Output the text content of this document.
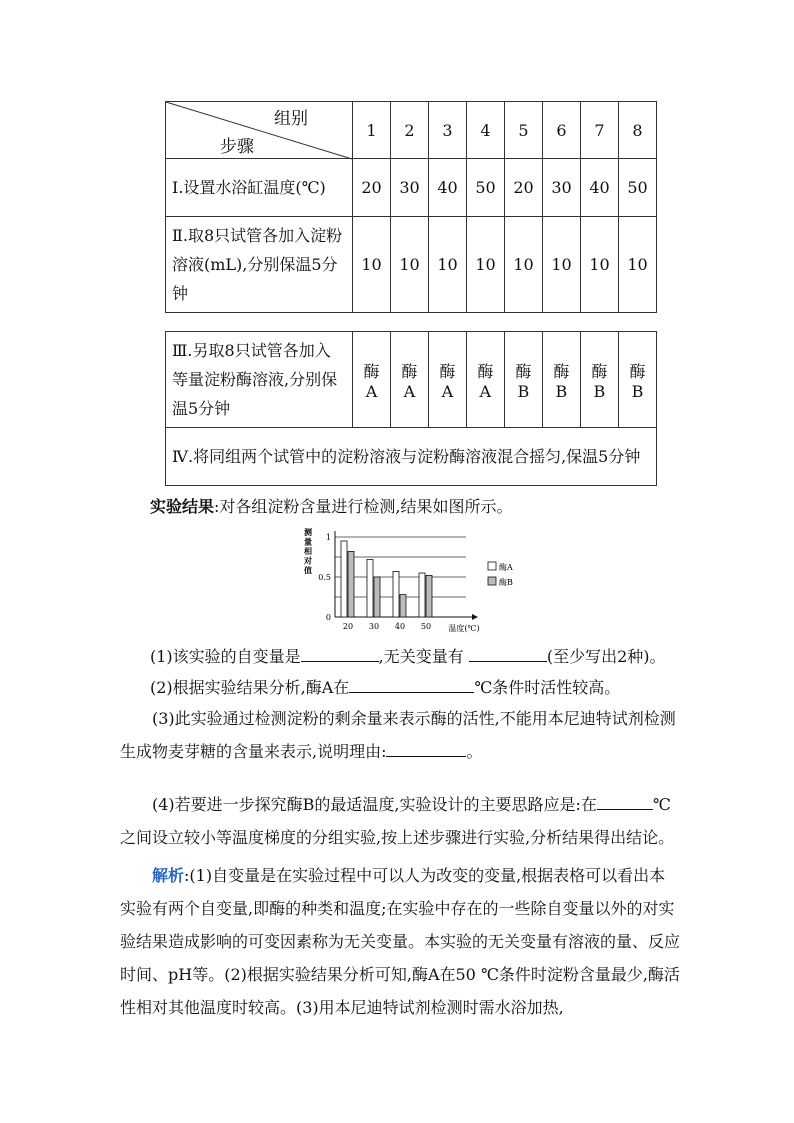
组别
步骤	1	2	3	4	5	6	7	8
Ⅰ.设置水浴缸温度(℃)	20	30	40	50	20	30	40	50
Ⅱ.取8只试管各加入淀粉溶液(mL),分别保温5分钟	10	10	10	10	10	10	10	10
Ⅲ.另取8只试管各加入等量淀粉酶溶液,分别保温5分钟	酶A	酶A	酶A	酶A	酶B	酶B	酶B	酶B
Ⅳ.将同组两个试管中的淀粉溶液与淀粉酶溶液混合摇匀,保温5分钟
实验结果:对各组淀粉含量进行检测,结果如图所示。
测
量
相
对
值
0
0.5
1
20 30 40 50 温度(℃)
酶A
酶B
(1)该实验的自变量是	,无关变量有	(至少写出2种)。
(2)根据实验结果分析,酶A在	℃条件时活性较高。
(3)此实验通过检测淀粉的剩余量来表示酶的活性,不能用本尼迪特试剂检测生成物麦芽糖的含量来表示,说明理由:	。
(4)若要进一步探究酶B的最适温度,实验设计的主要思路应是:在	℃之间设立较小等温度梯度的分组实验,按上述步骤进行实验,分析结果得出结论。
解析:(1)自变量是在实验过程中可以人为改变的变量,根据表格可以看出本实验有两个自变量,即酶的种类和温度;在实验中存在的一些除自变量以外的对实验结果造成影响的可变因素称为无关变量。本实验的无关变量有溶液的量、反应时间、pH等。(2)根据实验结果分析可知,酶A在50 ℃条件时淀粉含量最少,酶活性相对其他温度时较高。(3)用本尼迪特试剂检测时需水浴加热,
